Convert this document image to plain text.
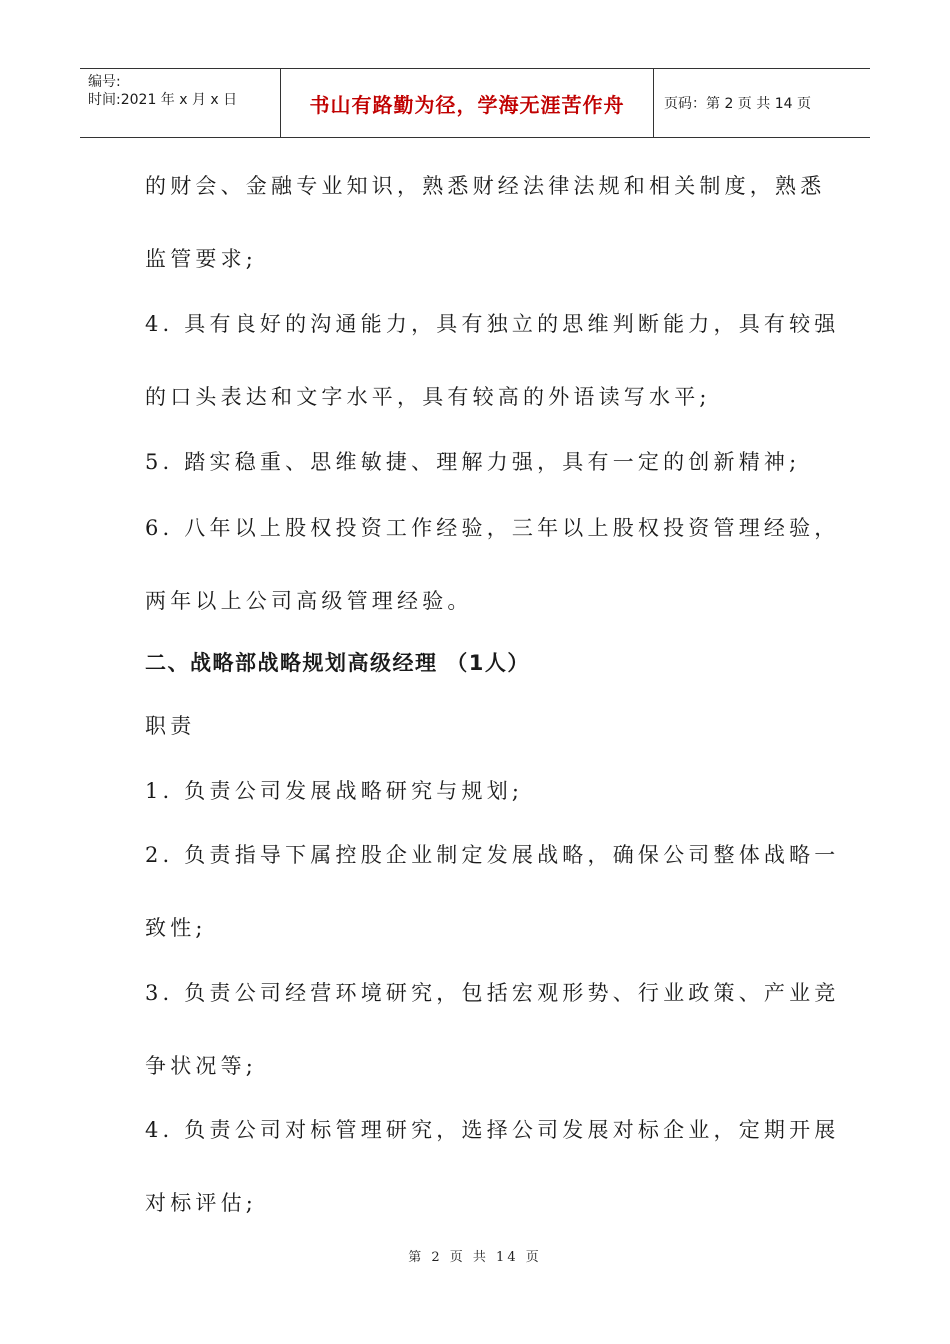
编号:
时间:2021 年 x 月 x 日	书山有路勤为径，学海无涯苦作舟	页码：第 2 页 共 14 页
的财会、金融专业知识，熟悉财经法律法规和相关制度，熟悉
监管要求;
4. 具有良好的沟通能力，具有独立的思维判断能力，具有较强
的口头表达和文字水平，具有较高的外语读写水平;
5. 踏实稳重、思维敏捷、理解力强，具有一定的创新精神;
6. 八年以上股权投资工作经验，三年以上股权投资管理经验，
两年以上公司高级管理经验。
二、战略部战略规划高级经理 （1人）
职责
1. 负责公司发展战略研究与规划;
2. 负责指导下属控股企业制定发展战略，确保公司整体战略一
致性;
3. 负责公司经营环境研究，包括宏观形势、行业政策、产业竞
争状况等;
4. 负责公司对标管理研究，选择公司发展对标企业，定期开展
对标评估;
第 2 页 共 14 页
